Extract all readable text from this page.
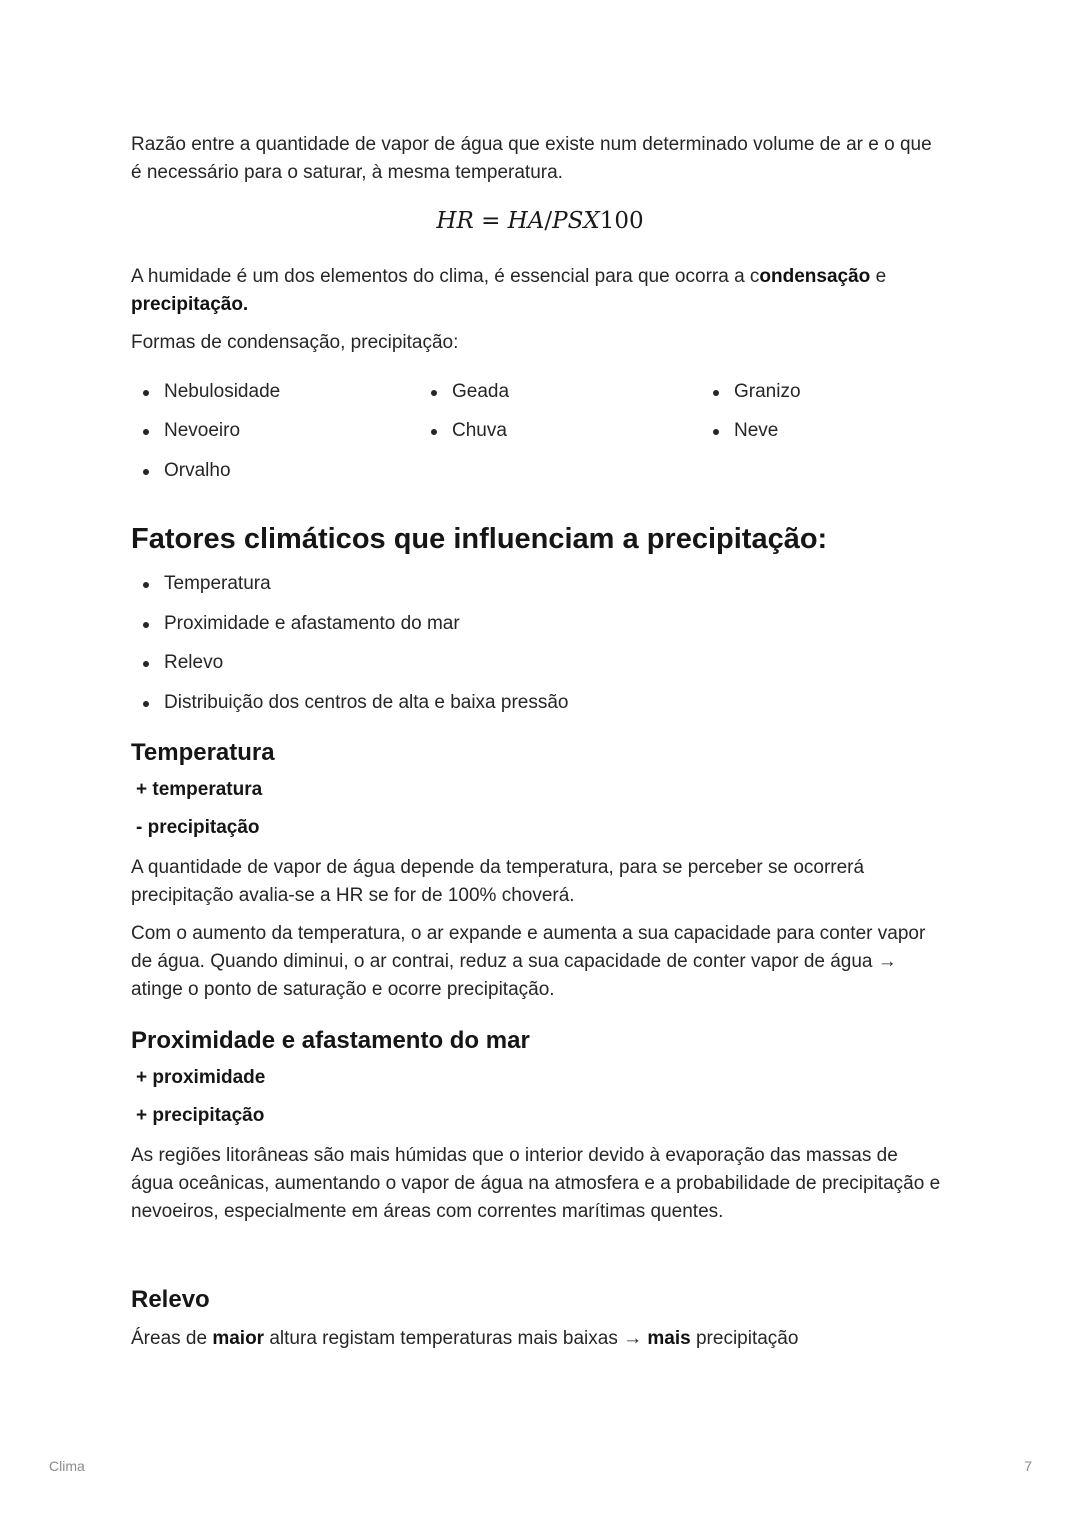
Razão entre a quantidade de vapor de água que existe num determinado volume de ar e o que é necessário para o saturar, à mesma temperatura.

HR = HA/PSX100

A humidade é um dos elementos do clima, é essencial para que ocorra a condensação e precipitação.

Formas de condensação, precipitação:

Nebulosidade
Nevoeiro
Orvalho
Geada
Chuva
Granizo
Neve
Fatores climáticos que influenciam a precipitação:
Temperatura
Proximidade e afastamento do mar
Relevo
Distribuição dos centros de alta e baixa pressão
Temperatura
+ temperatura
- precipitação

A quantidade de vapor de água depende da temperatura, para se perceber se ocorrerá precipitação avalia-se a HR se for de 100% choverá.

Com o aumento da temperatura, o ar expande e aumenta a sua capacidade para conter vapor de água. Quando diminui, o ar contrai, reduz a sua capacidade de conter vapor de água → atinge o ponto de saturação e ocorre precipitação.

Proximidade e afastamento do mar
+ proximidade
+ precipitação

As regiões litorâneas são mais húmidas que o interior devido à evaporação das massas de água oceânicas, aumentando o vapor de água na atmosfera e a probabilidade de precipitação e nevoeiros, especialmente em áreas com correntes marítimas quentes.

Relevo

Áreas de maior altura registam temperaturas mais baixas → mais precipitação

Clima	7
